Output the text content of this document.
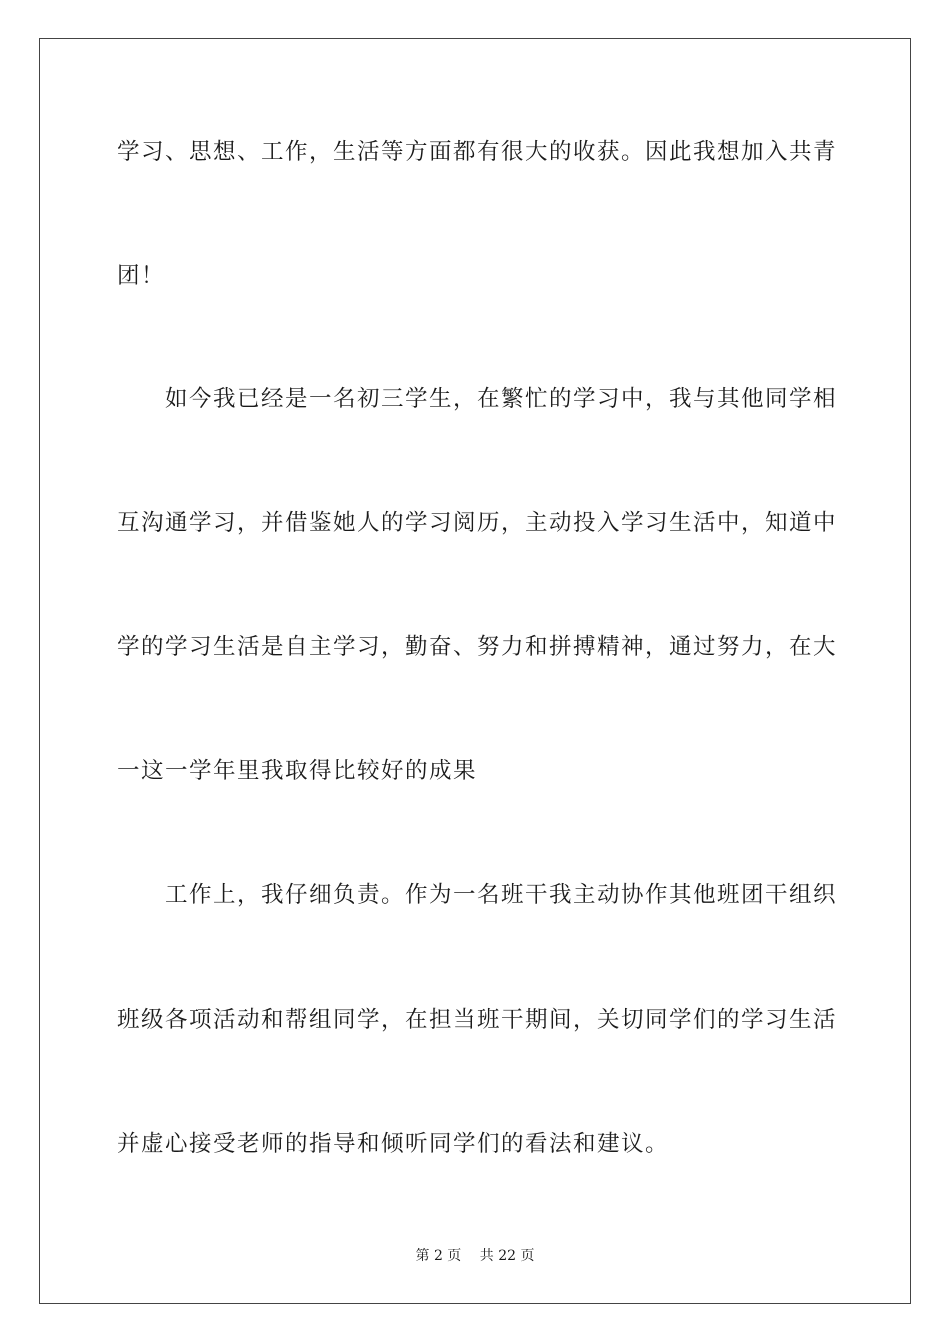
学习、思想、工作，生活等方面都有很大的收获。因此我想加入共青
团！
　　如今我已经是一名初三学生，在繁忙的学习中，我与其他同学相
互沟通学习，并借鉴她人的学习阅历，主动投入学习生活中，知道中
学的学习生活是自主学习，勤奋、努力和拼搏精神，通过努力，在大
一这一学年里我取得比较好的成果
　　工作上，我仔细负责。作为一名班干我主动协作其他班团干组织
班级各项活动和帮组同学，在担当班干期间，关切同学们的学习生活
并虚心接受老师的指导和倾听同学们的看法和建议。
第 2 页　 共 22 页
